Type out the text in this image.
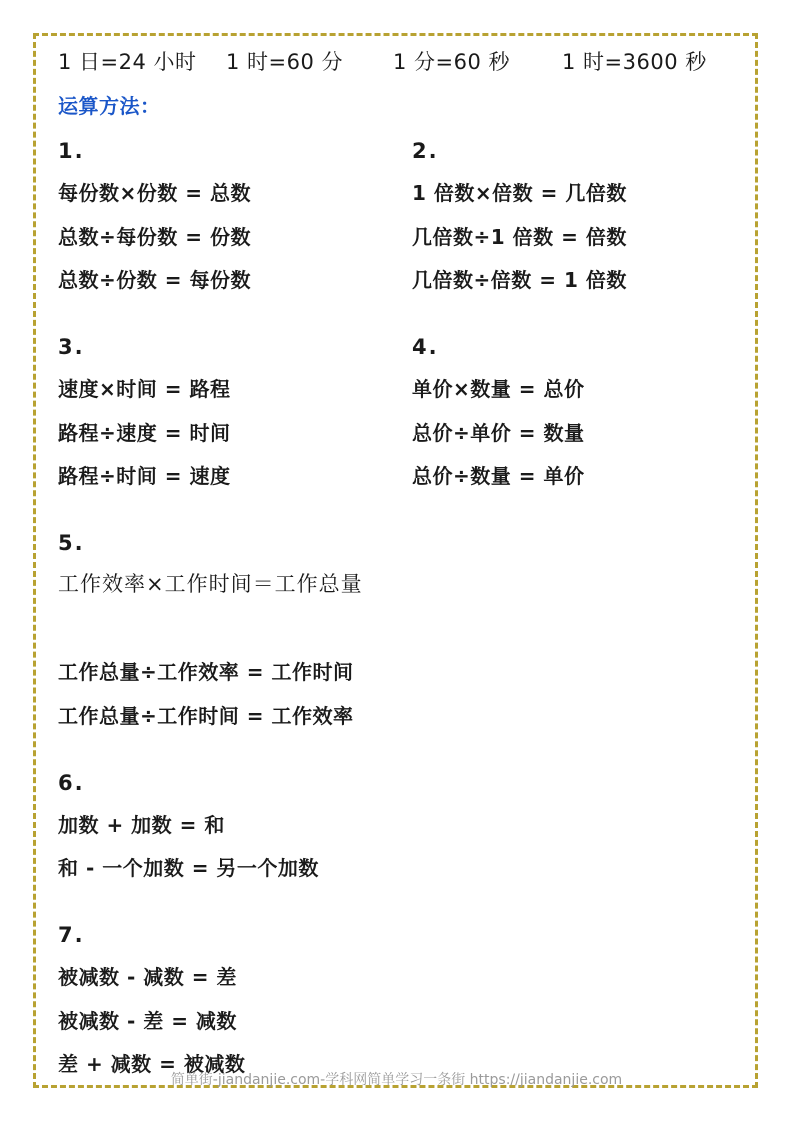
1 日=24 小时 1 时=60 分 1 分=60 秒 1 时=3600 秒
运算方法：
1.
每份数×份数 = 总数
总数÷每份数 = 份数
总数÷份数 = 每份数
2.
1 倍数×倍数 = 几倍数
几倍数÷1 倍数 = 倍数
几倍数÷倍数 = 1 倍数
3.
速度×时间 = 路程
路程÷速度 = 时间
路程÷时间 = 速度
4.
单价×数量 = 总价
总价÷单价 = 数量
总价÷数量 = 单价
5.
工作效率×工作时间＝工作总量
工作总量÷工作效率 = 工作时间
工作总量÷工作时间 = 工作效率
6.
加数 + 加数 = 和
和 - 一个加数 = 另一个加数
7.
被减数 - 减数 = 差
被减数 - 差 = 减数
差 + 减数 = 被减数
简单街-jiandanjie.com-学科网简单学习一条街 https://jiandanjie.com
